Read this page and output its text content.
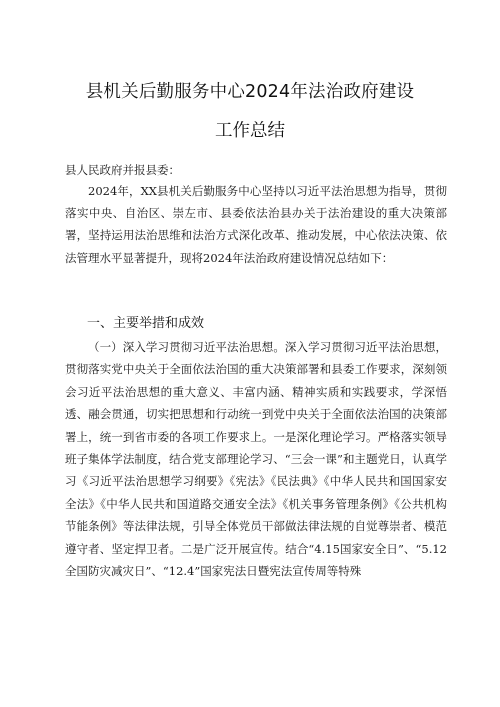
县机关后勤服务中心2024年法治政府建设
工作总结
县人民政府并报县委：

2024年，XX县机关后勤服务中心坚持以习近平法治思想为指导，贯彻落实中央、自治区、崇左市、县委依法治县办关于法治建设的重大决策部署，坚持运用法治思维和法治方式深化改革、推动发展，中心依法决策、依法管理水平显著提升，现将2024年法治政府建设情况总结如下：

一、主要举措和成效

（一）深入学习贯彻习近平法治思想。深入学习贯彻习近平法治思想，贯彻落实党中央关于全面依法治国的重大决策部署和县委工作要求，深刻领会习近平法治思想的重大意义、丰富内涵、精神实质和实践要求，学深悟透、融会贯通，切实把思想和行动统一到党中央关于全面依法治国的决策部署上，统一到省市委的各项工作要求上。一是深化理论学习。严格落实领导班子集体学法制度，结合党支部理论学习、“三会一课”和主题党日，认真学习《习近平法治思想学习纲要》《宪法》《民法典》《中华人民共和国国家安全法》《中华人民共和国道路交通安全法》《机关事务管理条例》《公共机构节能条例》等法律法规，引导全体党员干部做法律法规的自觉尊崇者、模范遵守者、坚定捍卫者。二是广泛开展宣传。结合“4.15国家安全日”、“5.12全国防灾减灾日”、“12.4”国家宪法日暨宪法宣传周等特殊
